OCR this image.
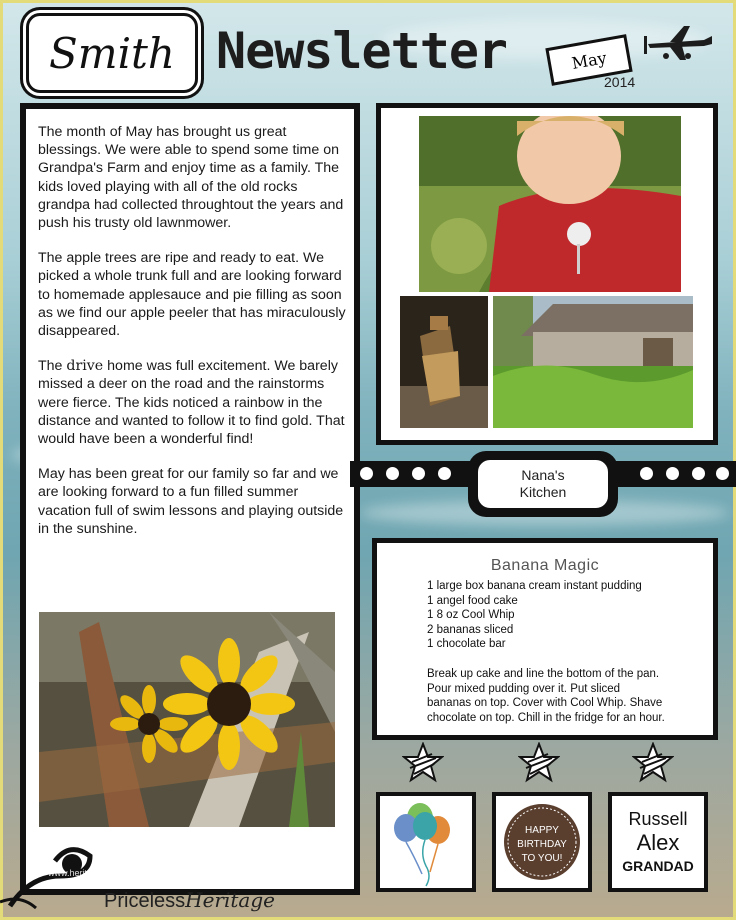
Smith Newsletter	May
2014

The month of May has brought us great blessings. We were able to spend some time on Grandpa's Farm and enjoy time as a family. The kids loved playing with all of the old rocks grandpa had collected throughtout the years and push his trusty old lawnmower.

The apple trees are ripe and ready to eat. We picked a whole trunk full and are looking forward to homemade applesauce and pie filling as soon as we find our apple peeler that has miraculously disappeared.

The drive home was full excitement. We barely missed a deer on the road and the rainstorms were fierce. The kids noticed a rainbow in the distance and wanted to follow it to find gold. That would have been a wonderful find!

May has been great for our family so far and we are looking forward to a fun filled summer vacation full of swim lessons and playing outside in the sunshine.

Nana's
Kitchen
Banana Magic
1 large box banana cream instant pudding
1 angel food cake
1 8 oz Cool Whip
2 bananas sliced
1 chocolate bar
Break up cake and line the bottom of the pan.
Pour mixed pudding over it. Put sliced
bananas on top. Cover with Cool Whip. Shave
chocolate on top. Chill in the fridge for an hour.
HAPPY
BIRTHDAY
TO YOU!
Russell
Alex
GRANDAD
www.heritagemakers.com
PricelessHeritage
